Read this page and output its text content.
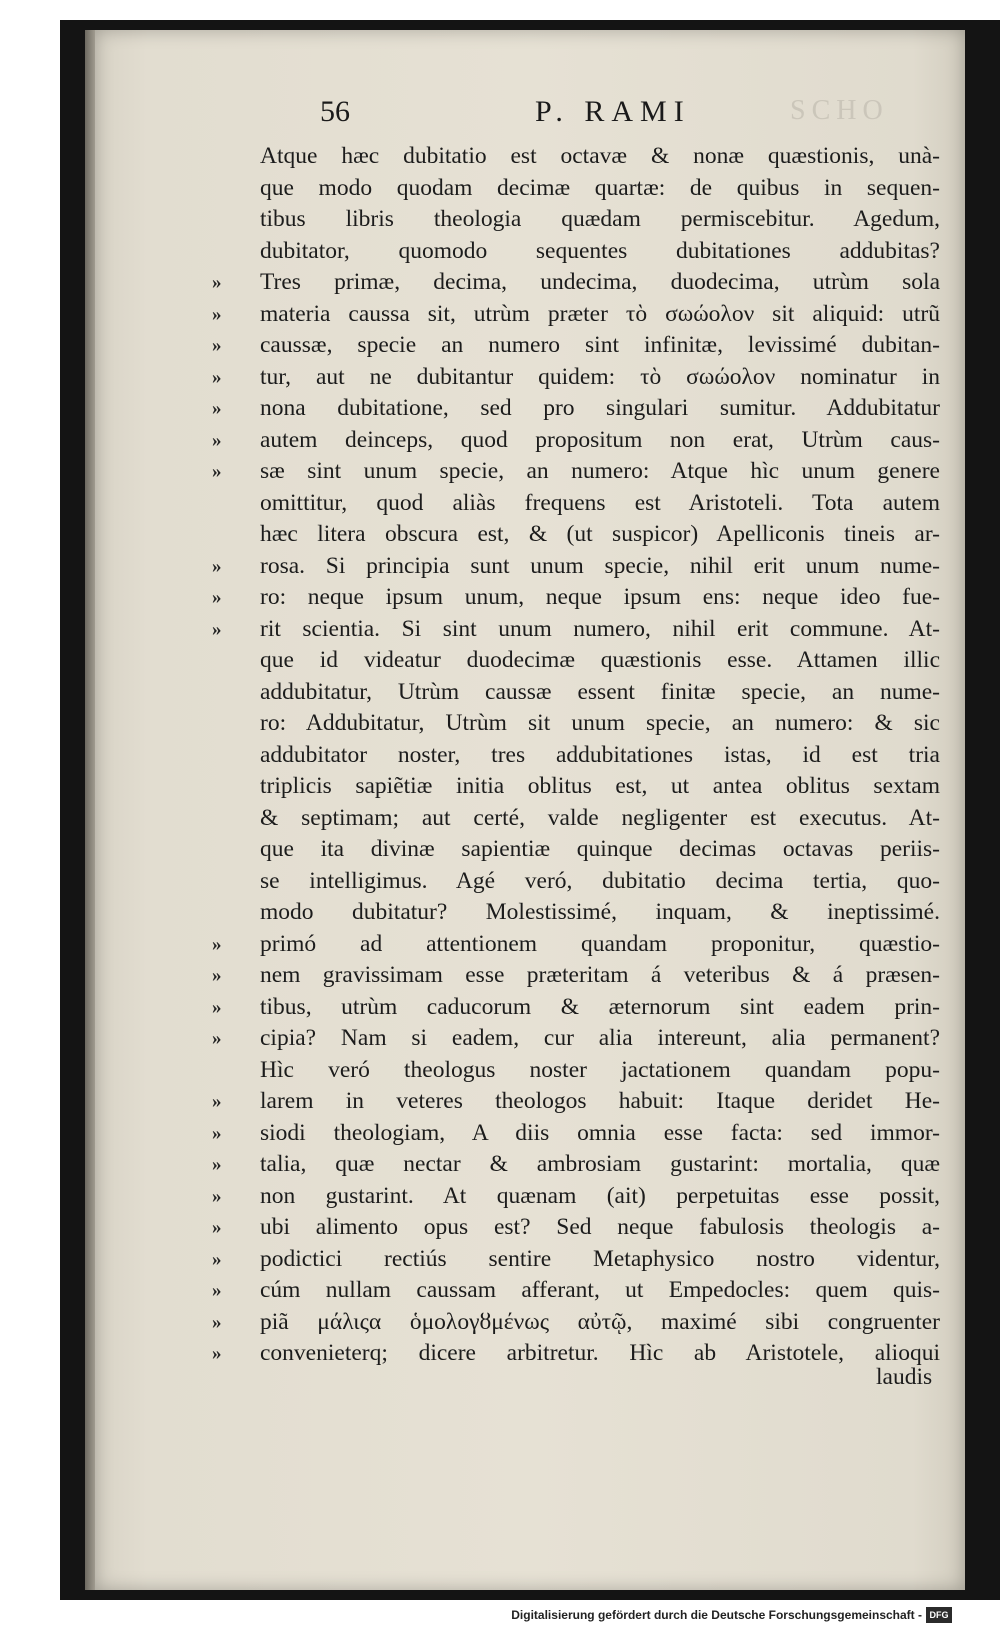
SCHO
56	P. RAMI
Atque hæc dubitatio est octavæ & nonæ quæstionis, unà-
que modo quodam decimæ quartæ: de quibus in sequen-
tibus libris theologia quædam permiscebitur. Agedum,
dubitator, quomodo sequentes dubitationes addubitas?
»	Tres primæ, decima, undecima, duodecima, utrùm sola
»	materia caussa sit, utrùm præter τὸ σωώολον sit aliquid: utrũ
»	caussæ, specie an numero sint infinitæ, levissimé dubitan-
»	tur, aut ne dubitantur quidem: τὸ σωώολον nominatur in
»	nona dubitatione, sed pro singulari sumitur. Addubitatur
»	autem deinceps, quod propositum non erat, Utrùm caus-
»	sæ sint unum specie, an numero: Atque hìc unum genere
omittitur, quod aliàs frequens est Aristoteli. Tota autem
hæc litera obscura est, & (ut suspicor) Apelliconis tineis ar-
»	rosa. Si principia sunt unum specie, nihil erit unum nume-
»	ro: neque ipsum unum, neque ipsum ens: neque ideo fue-
»	rit scientia. Si sint unum numero, nihil erit commune. At-
que id videatur duodecimæ quæstionis esse. Attamen illic
addubitatur, Utrùm caussæ essent finitæ specie, an nume-
ro: Addubitatur, Utrùm sit unum specie, an numero: & sic
addubitator noster, tres addubitationes istas, id est tria
triplicis sapiẽtiæ initia oblitus est, ut antea oblitus sextam
& septimam; aut certé, valde negligenter est executus. At-
que ita divinæ sapientiæ quinque decimas octavas periis-
se intelligimus. Agé veró, dubitatio decima tertia, quo-
modo dubitatur? Molestissimé, inquam, & ineptissimé.
»	primó ad attentionem quandam proponitur, quæstio-
»	nem gravissimam esse præteritam á veteribus & á præsen-
»	tibus, utrùm caducorum & æternorum sint eadem prin-
»	cipia? Nam si eadem, cur alia intereunt, alia permanent?
Hìc veró theologus noster jactationem quandam popu-
»	larem in veteres theologos habuit: Itaque deridet He-
»	siodi theologiam, A diis omnia esse facta: sed immor-
»	talia, quæ nectar & ambrosiam gustarint: mortalia, quæ
»	non gustarint. At quænam (ait) perpetuitas esse possit,
»	ubi alimento opus est? Sed neque fabulosis theologis a-
»	podictici rectiús sentire Metaphysico nostro videntur,
»	cúm nullam caussam afferant, ut Empedocles: quem quis-
»	piã μάλιςα ὁμολογȣμένως αὐτῷ, maximé sibi congruenter
»	convenieterq; dicere arbitretur. Hìc ab Aristotele, alioqui
laudis
Digitalisierung gefördert durch die Deutsche Forschungsgemeinschaft - DFG
